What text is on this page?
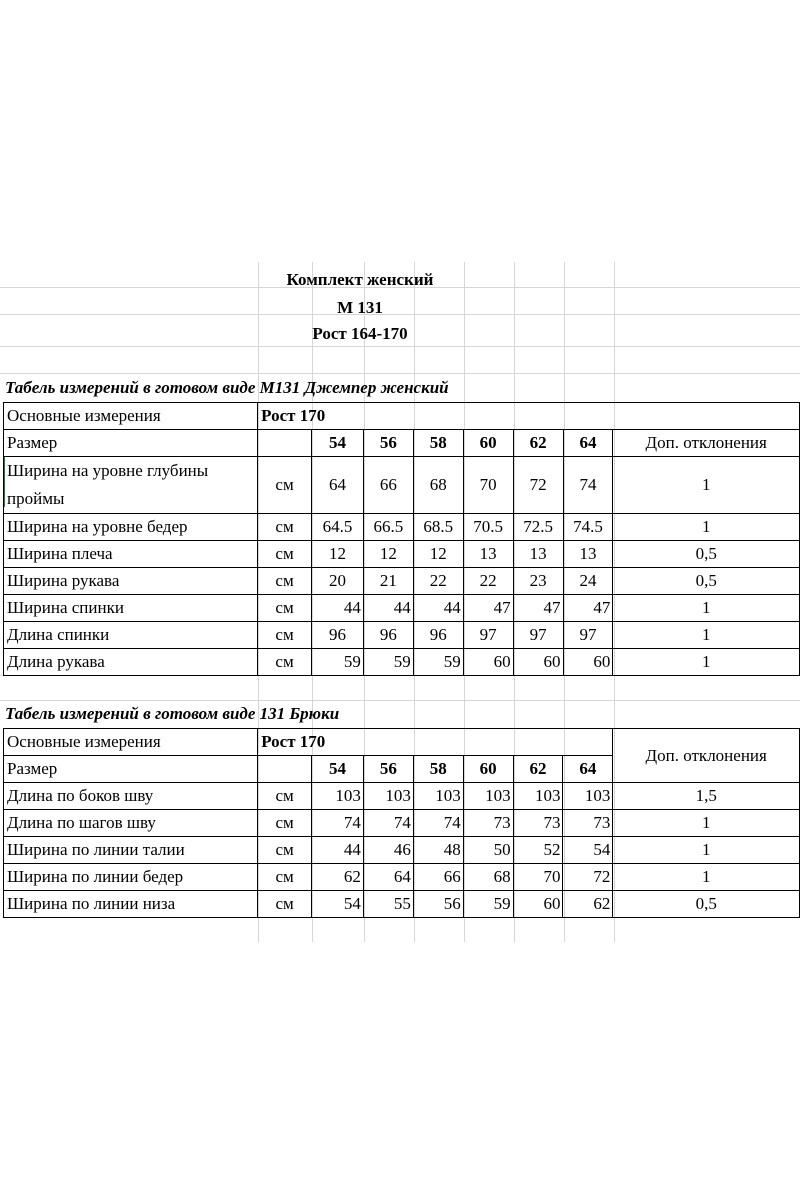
Комплект женский
М 131
Рост 164-170
Табель измерений в готовом виде М131 Джемпер женский
Табель измерений в готовом виде 131 Брюки
Основные измерения	Рост 170							
Размер		54	56	58	60	62	64	Доп. отклонения
Ширина на уровне глубины проймы	см	64	66	68	70	72	74	1
Ширина на уровне бедер	см	64.5	66.5	68.5	70.5	72.5	74.5	1
Ширина плеча	см	12	12	12	13	13	13	0,5
Ширина рукава	см	20	21	22	22	23	24	0,5
Ширина спинки	см	44	44	44	47	47	47	1
Длина спинки	см	96	96	96	97	97	97	1
Длина рукава	см	59	59	59	60	60	60	1
Основные измерения	Рост 170							Доп. отклонения
Размер		54	56	58	60	62	64	
Длина по боков шву	см	103	103	103	103	103	103	1,5
Длина по шагов шву	см	74	74	74	73	73	73	1
Ширина по линии талии	см	44	46	48	50	52	54	1
Ширина по линии бедер	см	62	64	66	68	70	72	1
Ширина по линии низа	см	54	55	56	59	60	62	0,5
